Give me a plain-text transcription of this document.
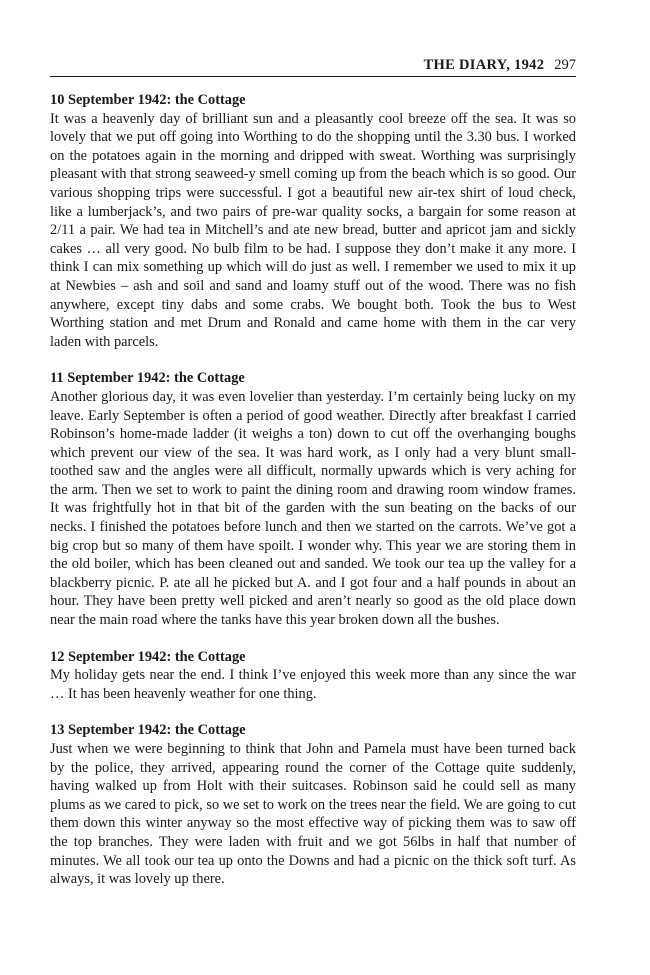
THE DIARY, 1942 297
10 September 1942: the Cottage

It was a heavenly day of brilliant sun and a pleasantly cool breeze off the sea. It was so lovely that we put off going into Worthing to do the shopping until the 3.30 bus. I worked on the potatoes again in the morning and dripped with sweat. Worthing was surprisingly pleasant with that strong seaweed-y smell coming up from the beach which is so good. Our various shopping trips were successful. I got a beautiful new air-tex shirt of loud check, like a lumberjack’s, and two pairs of pre-war quality socks, a bargain for some reason at 2/11 a pair. We had tea in Mitchell’s and ate new bread, butter and apricot jam and sickly cakes … all very good. No bulb film to be had. I suppose they don’t make it any more. I think I can mix something up which will do just as well. I remember we used to mix it up at Newbies – ash and soil and sand and loamy stuff out of the wood. There was no fish anywhere, except tiny dabs and some crabs. We bought both. Took the bus to West Worthing station and met Drum and Ronald and came home with them in the car very laden with parcels.

11 September 1942: the Cottage

Another glorious day, it was even lovelier than yesterday. I’m certainly being lucky on my leave. Early September is often a period of good weather. Directly after breakfast I carried Robinson’s home-made ladder (it weighs a ton) down to cut off the overhanging boughs which prevent our view of the sea. It was hard work, as I only had a very blunt small-toothed saw and the angles were all difficult, normally upwards which is very aching for the arm. Then we set to work to paint the dining room and drawing room window frames. It was frightfully hot in that bit of the garden with the sun beating on the backs of our necks. I finished the potatoes before lunch and then we started on the carrots. We’ve got a big crop but so many of them have spoilt. I wonder why. This year we are storing them in the old boiler, which has been cleaned out and sanded. We took our tea up the valley for a blackberry picnic. P. ate all he picked but A. and I got four and a half pounds in about an hour. They have been pretty well picked and aren’t nearly so good as the old place down near the main road where the tanks have this year broken down all the bushes.

12 September 1942: the Cottage

My holiday gets near the end. I think I’ve enjoyed this week more than any since the war … It has been heavenly weather for one thing.

13 September 1942: the Cottage

Just when we were beginning to think that John and Pamela must have been turned back by the police, they arrived, appearing round the corner of the Cottage quite suddenly, having walked up from Holt with their suitcases. Robinson said he could sell as many plums as we cared to pick, so we set to work on the trees near the field. We are going to cut them down this winter anyway so the most effective way of picking them was to saw off the top branches. They were laden with fruit and we got 56lbs in half that number of minutes. We all took our tea up onto the Downs and had a picnic on the thick soft turf. As always, it was lovely up there.
